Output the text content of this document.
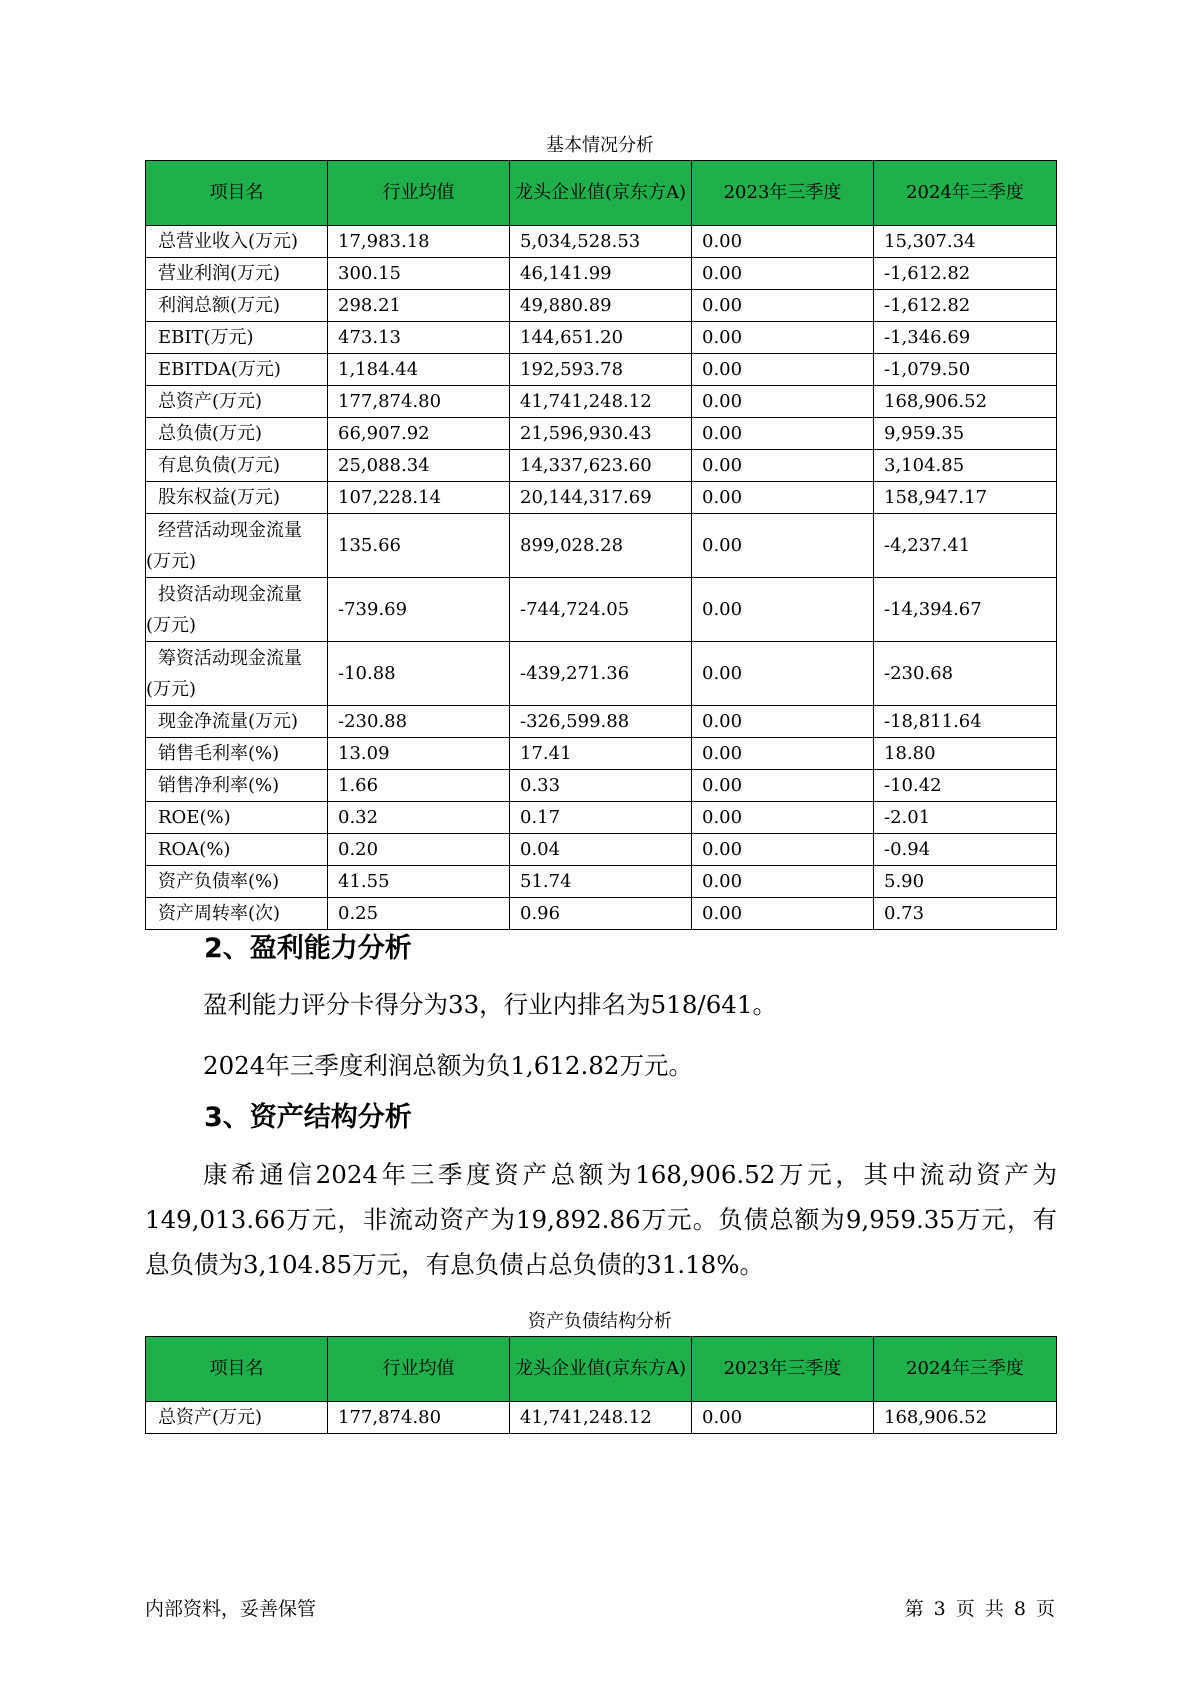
基本情况分析
项目名	行业均值	龙头企业值(京东方A)	2023年三季度	2024年三季度
总营业收入(万元)	17,983.18	5,034,528.53	0.00	15,307.34
营业利润(万元)	300.15	46,141.99	0.00	-1,612.82
利润总额(万元)	298.21	49,880.89	0.00	-1,612.82
EBIT(万元)	473.13	144,651.20	0.00	-1,346.69
EBITDA(万元)	1,184.44	192,593.78	0.00	-1,079.50
总资产(万元)	177,874.80	41,741,248.12	0.00	168,906.52
总负债(万元)	66,907.92	21,596,930.43	0.00	9,959.35
有息负债(万元)	25,088.34	14,337,623.60	0.00	3,104.85
股东权益(万元)	107,228.14	20,144,317.69	0.00	158,947.17

经营活动现金流量(万元)	135.66	899,028.28	0.00	-4,237.41

投资活动现金流量(万元)	-739.69	-744,724.05	0.00	-14,394.67

筹资活动现金流量(万元)	-10.88	-439,271.36	0.00	-230.68
现金净流量(万元)	-230.88	-326,599.88	0.00	-18,811.64
销售毛利率(%)	13.09	17.41	0.00	18.80
销售净利率(%)	1.66	0.33	0.00	-10.42
ROE(%)	0.32	0.17	0.00	-2.01
ROA(%)	0.20	0.04	0.00	-0.94
资产负债率(%)	41.55	51.74	0.00	5.90
资产周转率(次)	0.25	0.96	0.00	0.73
2、盈利能力分析
盈利能力评分卡得分为33，行业内排名为518/641。
2024年三季度利润总额为负1,612.82万元。
3、资产结构分析
康希通信2024年三季度资产总额为168,906.52万元，其中流动资产为149,013.66万元，非流动资产为19,892.86万元。负债总额为9,959.35万元，有息负债为3,104.85万元，有息负债占总负债的31.18%。
资产负债结构分析
项目名	行业均值	龙头企业值(京东方A)	2023年三季度	2024年三季度
总资产(万元)	177,874.80	41,741,248.12	0.00	168,906.52
内部资料，妥善保管	第 3 页 共 8 页
